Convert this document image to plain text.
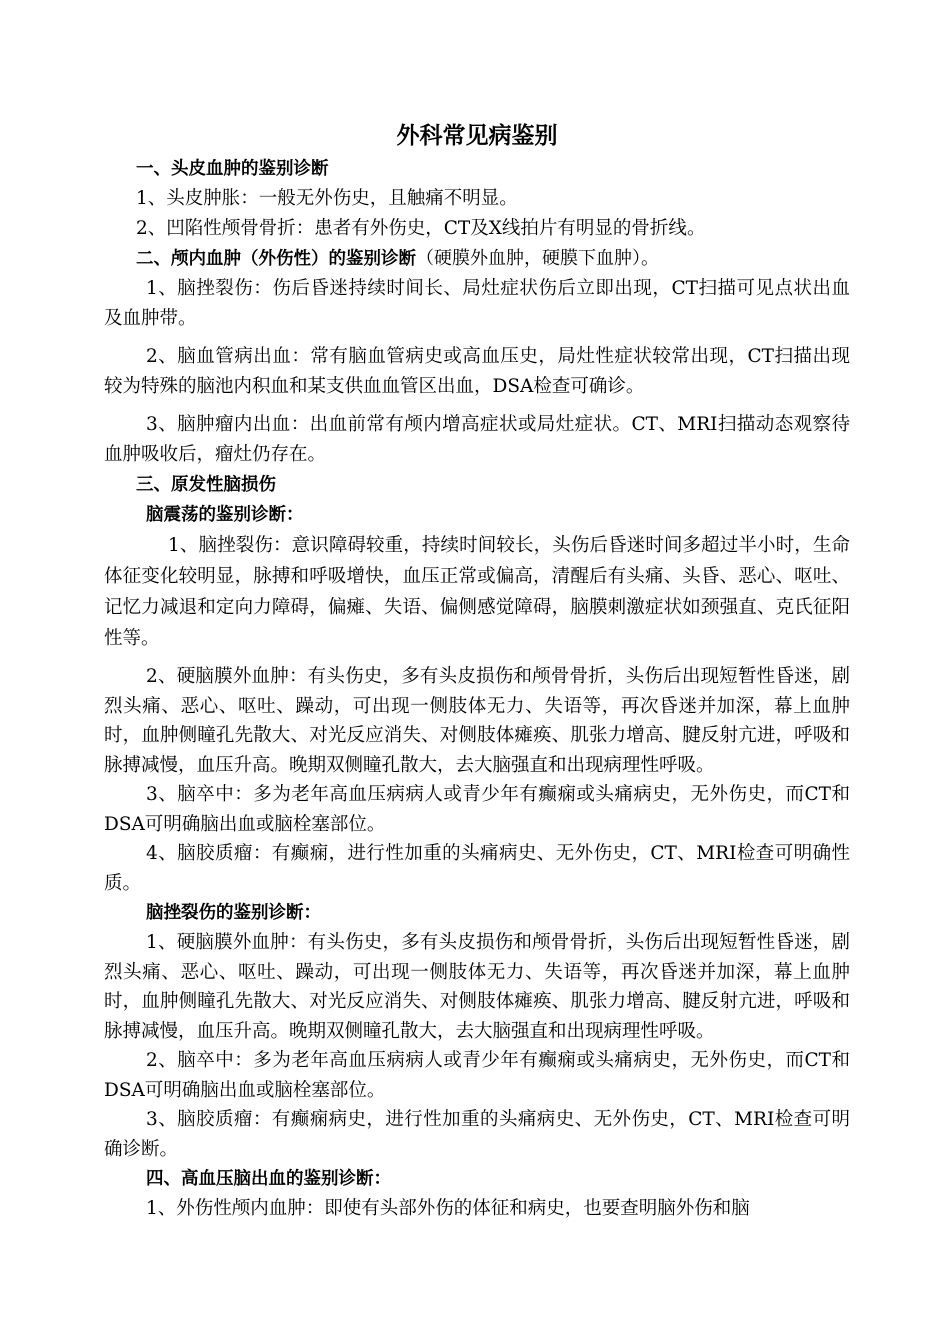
外科常见病鉴别
一、头皮血肿的鉴别诊断

1、头皮肿胀：一般无外伤史，且触痛不明显。

2、凹陷性颅骨骨折：患者有外伤史，CT及X线拍片有明显的骨折线。

二、颅内血肿（外伤性）的鉴别诊断（硬膜外血肿，硬膜下血肿）。

1、脑挫裂伤：伤后昏迷持续时间长、局灶症状伤后立即出现，CT扫描可见点状出血及血肿带。

2、脑血管病出血：常有脑血管病史或高血压史，局灶性症状较常出现，CT扫描出现较为特殊的脑池内积血和某支供血血管区出血，DSA检查可确诊。

3、脑肿瘤内出血：出血前常有颅内增高症状或局灶症状。CT、MRI扫描动态观察待血肿吸收后，瘤灶仍存在。

三、原发性脑损伤
脑震荡的鉴别诊断：

1、脑挫裂伤：意识障碍较重，持续时间较长，头伤后昏迷时间多超过半小时，生命体征变化较明显，脉搏和呼吸增快，血压正常或偏高，清醒后有头痛、头昏、恶心、呕吐、记忆力减退和定向力障碍，偏瘫、失语、偏侧感觉障碍，脑膜刺激症状如颈强直、克氏征阳性等。

2、硬脑膜外血肿：有头伤史，多有头皮损伤和颅骨骨折，头伤后出现短暂性昏迷，剧烈头痛、恶心、呕吐、躁动，可出现一侧肢体无力、失语等，再次昏迷并加深，幕上血肿时，血肿侧瞳孔先散大、对光反应消失、对侧肢体瘫痪、肌张力增高、腱反射亢进，呼吸和脉搏减慢，血压升高。晚期双侧瞳孔散大，去大脑强直和出现病理性呼吸。

3、脑卒中：多为老年高血压病病人或青少年有癫痫或头痛病史，无外伤史，而CT和DSA可明确脑出血或脑栓塞部位。

4、脑胶质瘤：有癫痫，进行性加重的头痛病史、无外伤史，CT、MRI检查可明确性质。

脑挫裂伤的鉴别诊断：

1、硬脑膜外血肿：有头伤史，多有头皮损伤和颅骨骨折，头伤后出现短暂性昏迷，剧烈头痛、恶心、呕吐、躁动，可出现一侧肢体无力、失语等，再次昏迷并加深，幕上血肿时，血肿侧瞳孔先散大、对光反应消失、对侧肢体瘫痪、肌张力增高、腱反射亢进，呼吸和脉搏减慢，血压升高。晚期双侧瞳孔散大，去大脑强直和出现病理性呼吸。

2、脑卒中：多为老年高血压病病人或青少年有癫痫或头痛病史，无外伤史，而CT和DSA可明确脑出血或脑栓塞部位。

3、脑胶质瘤：有癫痫病史，进行性加重的头痛病史、无外伤史，CT、MRI检查可明确诊断。

四、高血压脑出血的鉴别诊断：

1、外伤性颅内血肿：即使有头部外伤的体征和病史，也要查明脑外伤和脑
